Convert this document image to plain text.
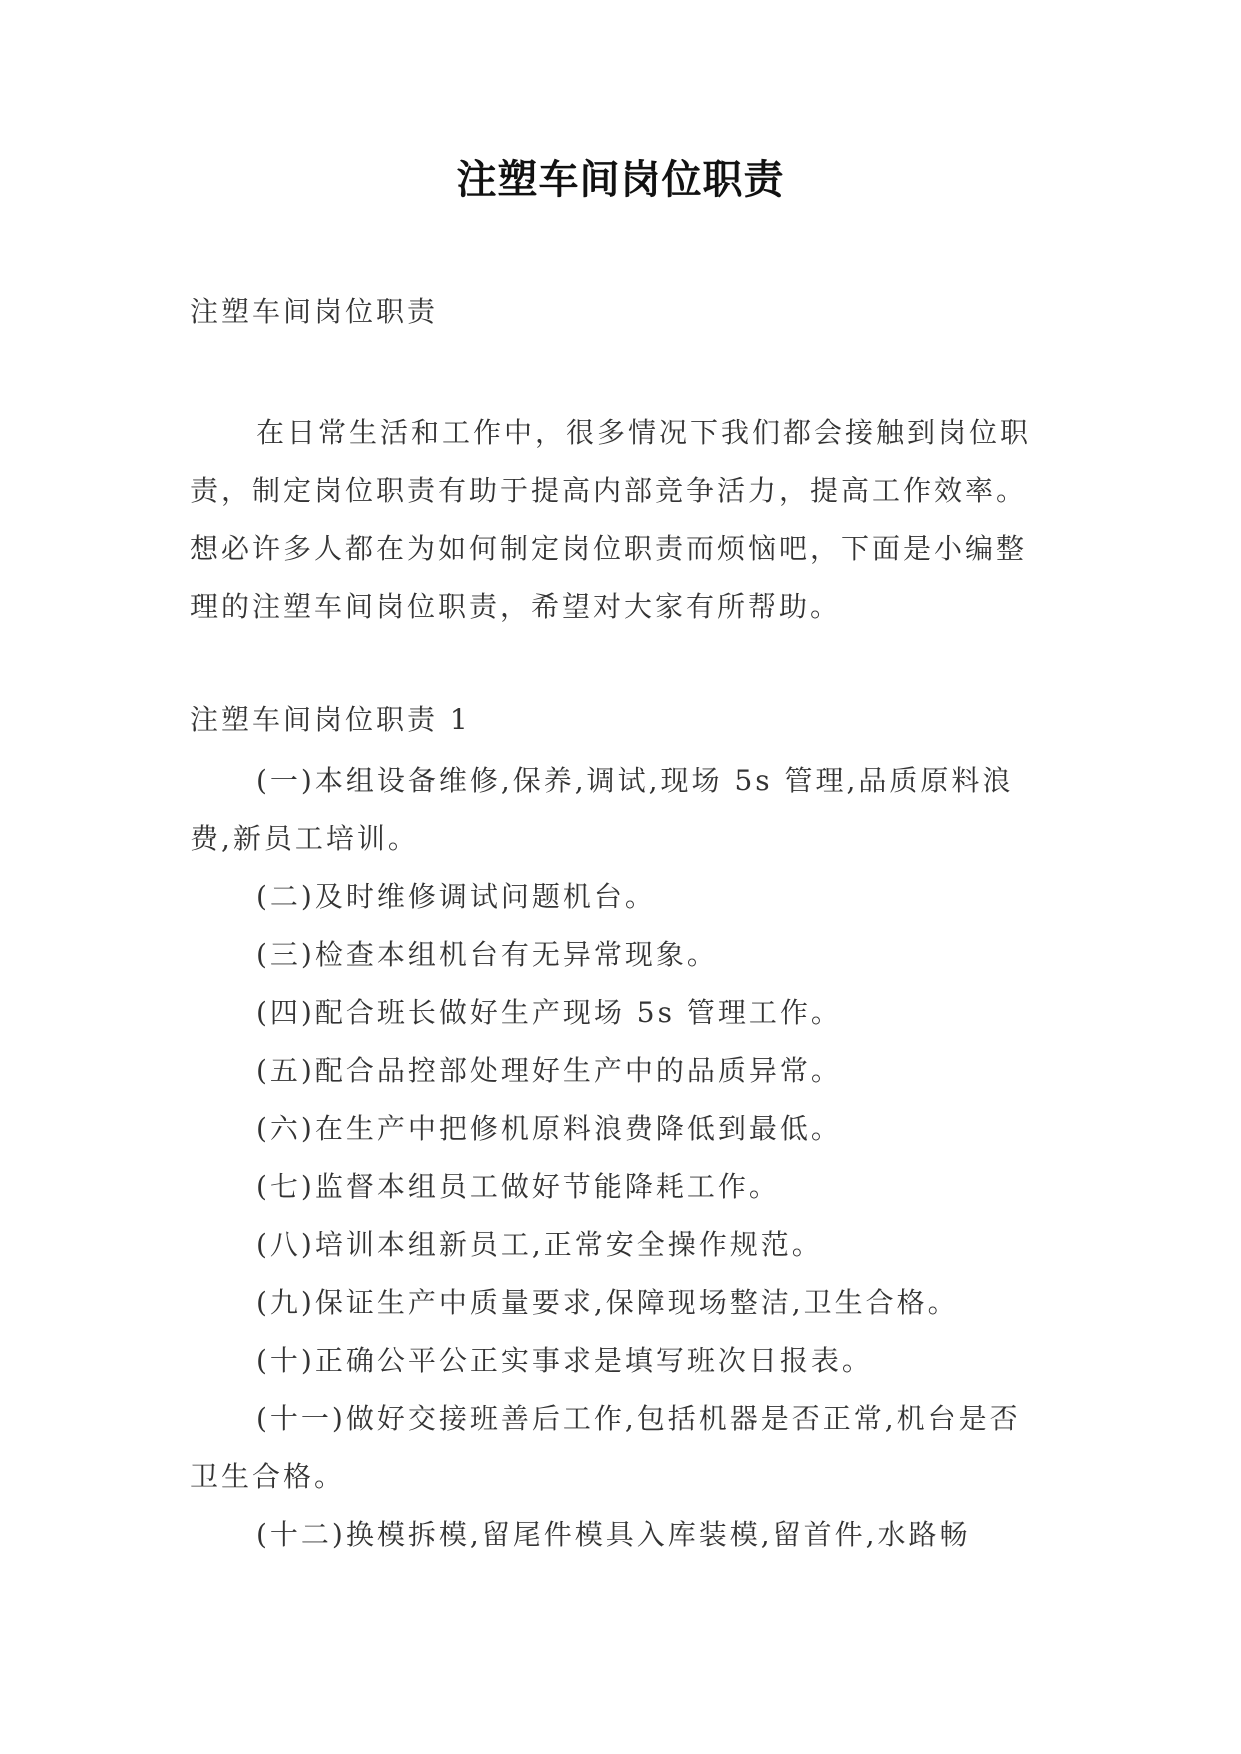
注塑车间岗位职责
注塑车间岗位职责
在日常生活和工作中，很多情况下我们都会接触到岗位职责，制定岗位职责有助于提高内部竞争活力，提高工作效率。想必许多人都在为如何制定岗位职责而烦恼吧，下面是小编整理的注塑车间岗位职责，希望对大家有所帮助。
注塑车间岗位职责 1

(一)本组设备维修,保养,调试,现场 5s 管理,品质原料浪费,新员工培训。

(二)及时维修调试问题机台。

(三)检查本组机台有无异常现象。

(四)配合班长做好生产现场 5s 管理工作。

(五)配合品控部处理好生产中的品质异常。

(六)在生产中把修机原料浪费降低到最低。

(七)监督本组员工做好节能降耗工作。

(八)培训本组新员工,正常安全操作规范。

(九)保证生产中质量要求,保障现场整洁,卫生合格。

(十)正确公平公正实事求是填写班次日报表。

(十一)做好交接班善后工作,包括机器是否正常,机台是否卫生合格。

(十二)换模拆模,留尾件模具入库装模,留首件,水路畅
